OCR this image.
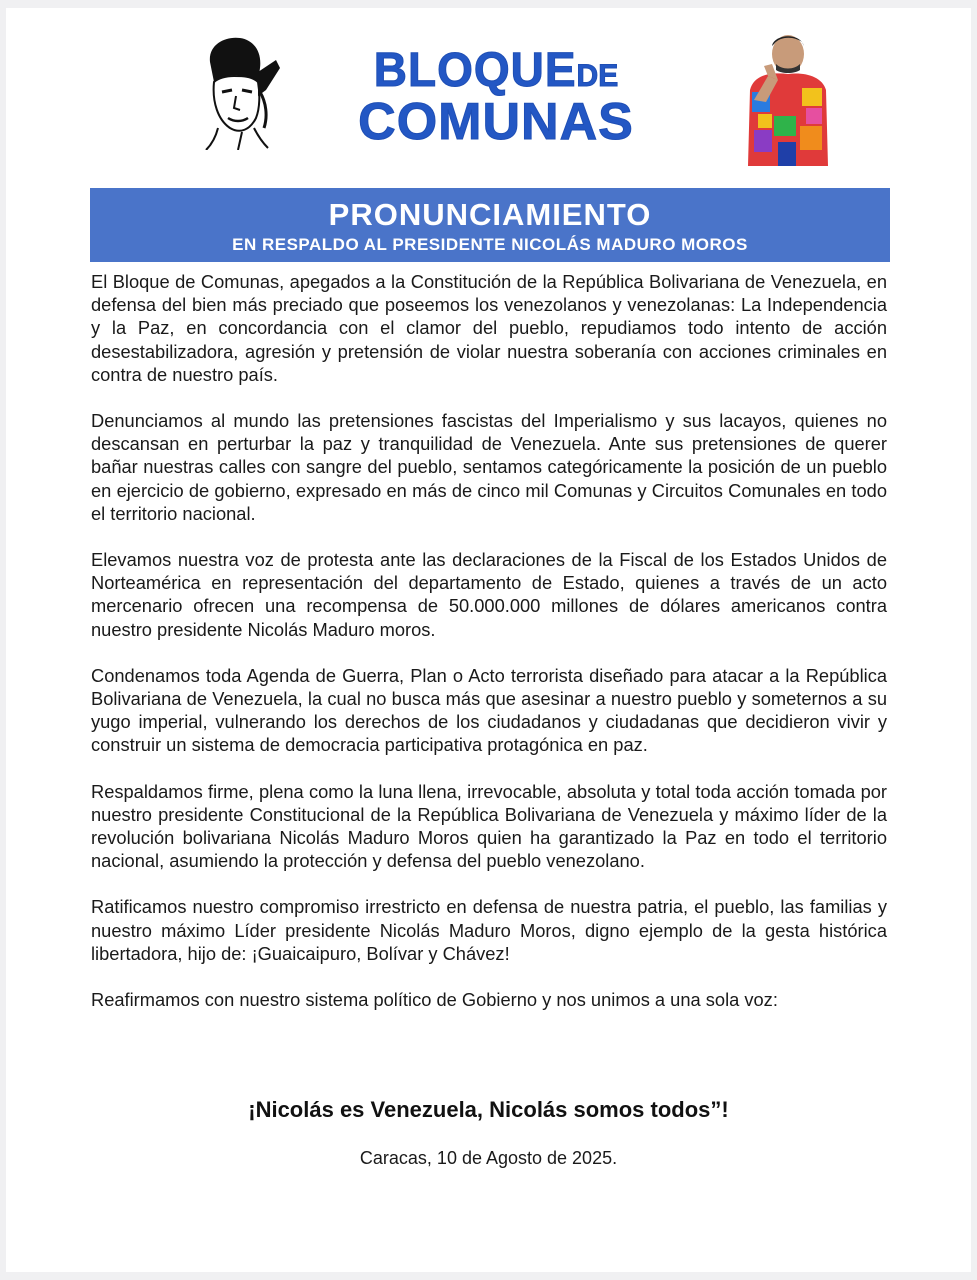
BLOQUEDE
COMUNAS
PRONUNCIAMIENTO
EN RESPALDO AL PRESIDENTE NICOLÁS MADURO MOROS

El Bloque de Comunas, apegados a la Constitución de la República Bolivariana de Venezuela, en defensa del bien más preciado que poseemos los venezolanos y venezolanas: La Independencia y la Paz, en concordancia con el clamor del pueblo, repudiamos todo intento de acción desestabilizadora, agresión y pretensión de violar nuestra soberanía con acciones criminales en contra de nuestro país.

Denunciamos al mundo las pretensiones fascistas del Imperialismo y sus lacayos, quienes no descansan en perturbar la paz y tranquilidad de Venezuela. Ante sus pretensiones de querer bañar nuestras calles con sangre del pueblo, sentamos categóricamente la posición de un pueblo en ejercicio de gobierno, expresado en más de cinco mil Comunas y Circuitos Comunales en todo el territorio nacional.

Elevamos nuestra voz de protesta ante las declaraciones de la Fiscal de los Estados Unidos de Norteamérica en representación del departamento de Estado, quienes a través de un acto mercenario ofrecen una recompensa de 50.000.000 millones de dólares americanos contra nuestro presidente Nicolás Maduro moros.

Condenamos toda Agenda de Guerra, Plan o Acto terrorista diseñado para atacar a la República Bolivariana de Venezuela, la cual no busca más que asesinar a nuestro pueblo y someternos a su yugo imperial, vulnerando los derechos de los ciudadanos y ciudadanas que decidieron vivir y construir un sistema de democracia participativa protagónica en paz.

Respaldamos firme, plena como la luna llena, irrevocable, absoluta y total toda acción tomada por nuestro presidente Constitucional de la República Bolivariana de Venezuela y máximo líder de la revolución bolivariana Nicolás Maduro Moros quien ha garantizado la Paz en todo el territorio nacional, asumiendo la protección y defensa del pueblo venezolano.

Ratificamos nuestro compromiso irrestricto en defensa de nuestra patria, el pueblo, las familias y nuestro máximo Líder presidente Nicolás Maduro Moros, digno ejemplo de la gesta histórica libertadora, hijo de: ¡Guaicaipuro, Bolívar y Chávez!

Reafirmamos con nuestro sistema político de Gobierno y nos unimos a una sola voz:

¡Nicolás es Venezuela, Nicolás somos todos”!
Caracas, 10 de Agosto de 2025.
